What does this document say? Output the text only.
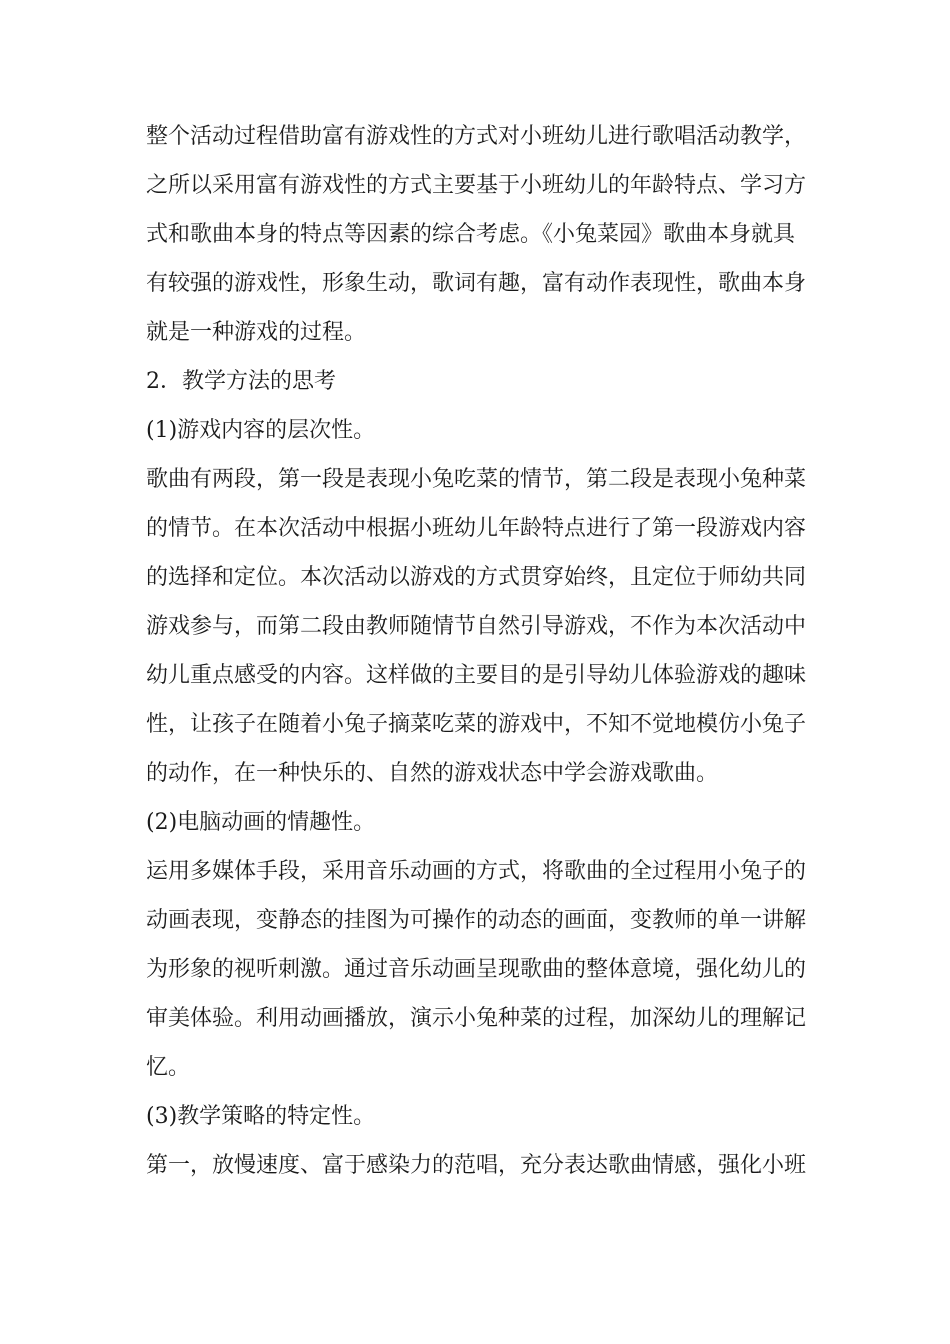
整个活动过程借助富有游戏性的方式对小班幼儿进行歌唱活动教学，
之所以采用富有游戏性的方式主要基于小班幼儿的年龄特点、学习方
式和歌曲本身的特点等因素的综合考虑。《小兔菜园》歌曲本身就具
有较强的游戏性，形象生动，歌词有趣，富有动作表现性，歌曲本身
就是一种游戏的过程。
2．教学方法的思考
(1)游戏内容的层次性。
歌曲有两段，第一段是表现小兔吃菜的情节，第二段是表现小兔种菜
的情节。在本次活动中根据小班幼儿年龄特点进行了第一段游戏内容
的选择和定位。本次活动以游戏的方式贯穿始终，且定位于师幼共同
游戏参与，而第二段由教师随情节自然引导游戏，不作为本次活动中
幼儿重点感受的内容。这样做的主要目的是引导幼儿体验游戏的趣味
性，让孩子在随着小兔子摘菜吃菜的游戏中，不知不觉地模仿小兔子
的动作，在一种快乐的、自然的游戏状态中学会游戏歌曲。
(2)电脑动画的情趣性。
运用多媒体手段，采用音乐动画的方式，将歌曲的全过程用小兔子的
动画表现，变静态的挂图为可操作的动态的画面，变教师的单一讲解
为形象的视听刺激。通过音乐动画呈现歌曲的整体意境，强化幼儿的
审美体验。利用动画播放，演示小兔种菜的过程，加深幼儿的理解记
忆。
(3)教学策略的特定性。
第一，放慢速度、富于感染力的范唱，充分表达歌曲情感，强化小班
